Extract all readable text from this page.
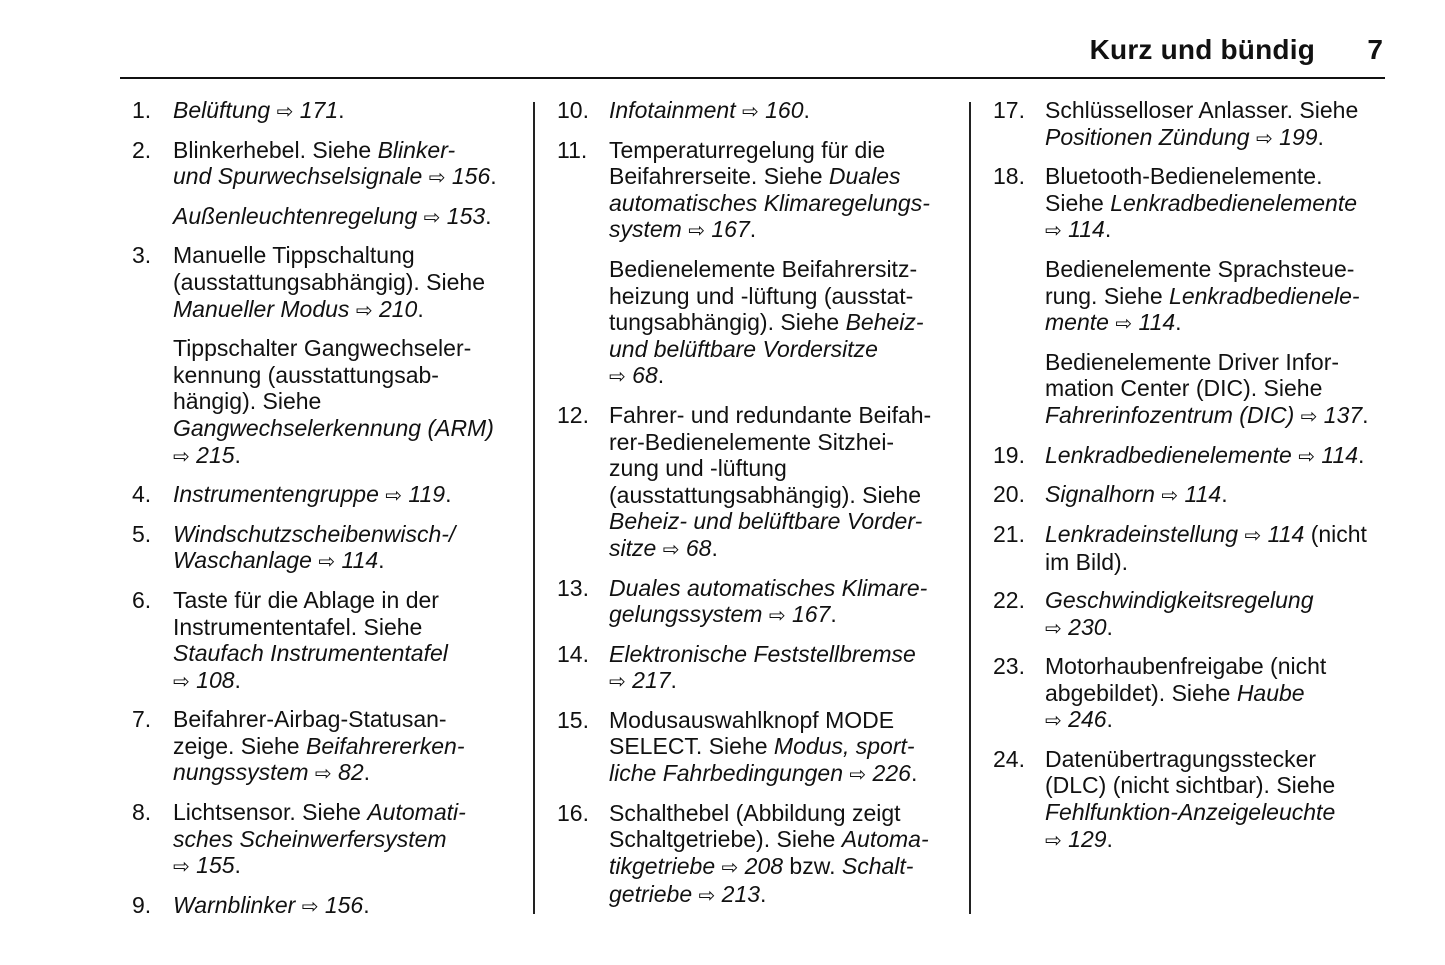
Kurz und bündig 7
1. Belüftung ⇨ 171.
2. Blinkerhebel. Siehe Blinker-
und Spurwechselsignale ⇨ 156.
Außenleuchtenregelung ⇨ 153.
3. Manuelle Tippschaltung
(ausstattungsabhängig). Siehe
Manueller Modus ⇨ 210.
Tippschalter Gangwechseler-
kennung (ausstattungsab-
hängig). Siehe
Gangwechselerkennung (ARM)
⇨ 215.
4. Instrumentengruppe ⇨ 119.
5. Windschutzscheibenwisch-/
Waschanlage ⇨ 114.
6. Taste für die Ablage in der
Instrumententafel. Siehe
Staufach Instrumententafel
⇨ 108.
7. Beifahrer-Airbag-Statusan-
zeige. Siehe Beifahrererken-
nungssystem ⇨ 82.
8. Lichtsensor. Siehe Automati-
sches Scheinwerfersystem
⇨ 155.
9. Warnblinker ⇨ 156.
10. Infotainment ⇨ 160.
11. Temperaturregelung für die
Beifahrerseite. Siehe Duales
automatisches Klimaregelungs-
system ⇨ 167.
Bedienelemente Beifahrersitz-
heizung und -lüftung (ausstat-
tungsabhängig). Siehe Beheiz-
und belüftbare Vordersitze
⇨ 68.
12. Fahrer- und redundante Beifah-
rer-Bedienelemente Sitzhei-
zung und -lüftung
(ausstattungsabhängig). Siehe
Beheiz- und belüftbare Vorder-
sitze ⇨ 68.
13. Duales automatisches Klimare-
gelungssystem ⇨ 167.
14. Elektronische Feststellbremse
⇨ 217.
15. Modusauswahlknopf MODE
SELECT. Siehe Modus, sport-
liche Fahrbedingungen ⇨ 226.
16. Schalthebel (Abbildung zeigt
Schaltgetriebe). Siehe Automa-
tikgetriebe ⇨ 208 bzw. Schalt-
getriebe ⇨ 213.
17. Schlüsselloser Anlasser. Siehe
Positionen Zündung ⇨ 199.
18. Bluetooth-Bedienelemente.
Siehe Lenkradbedienelemente
⇨ 114.
Bedienelemente Sprachsteue-
rung. Siehe Lenkradbedienele-
mente ⇨ 114.
Bedienelemente Driver Infor-
mation Center (DIC). Siehe
Fahrerinfozentrum (DIC) ⇨ 137.
19. Lenkradbedienelemente ⇨ 114.
20. Signalhorn ⇨ 114.
21. Lenkradeinstellung ⇨ 114 (nicht
im Bild).
22. Geschwindigkeitsregelung
⇨ 230.
23. Motorhaubenfreigabe (nicht
abgebildet). Siehe Haube
⇨ 246.
24. Datenübertragungsstecker
(DLC) (nicht sichtbar). Siehe
Fehlfunktion-Anzeigeleuchte
⇨ 129.
